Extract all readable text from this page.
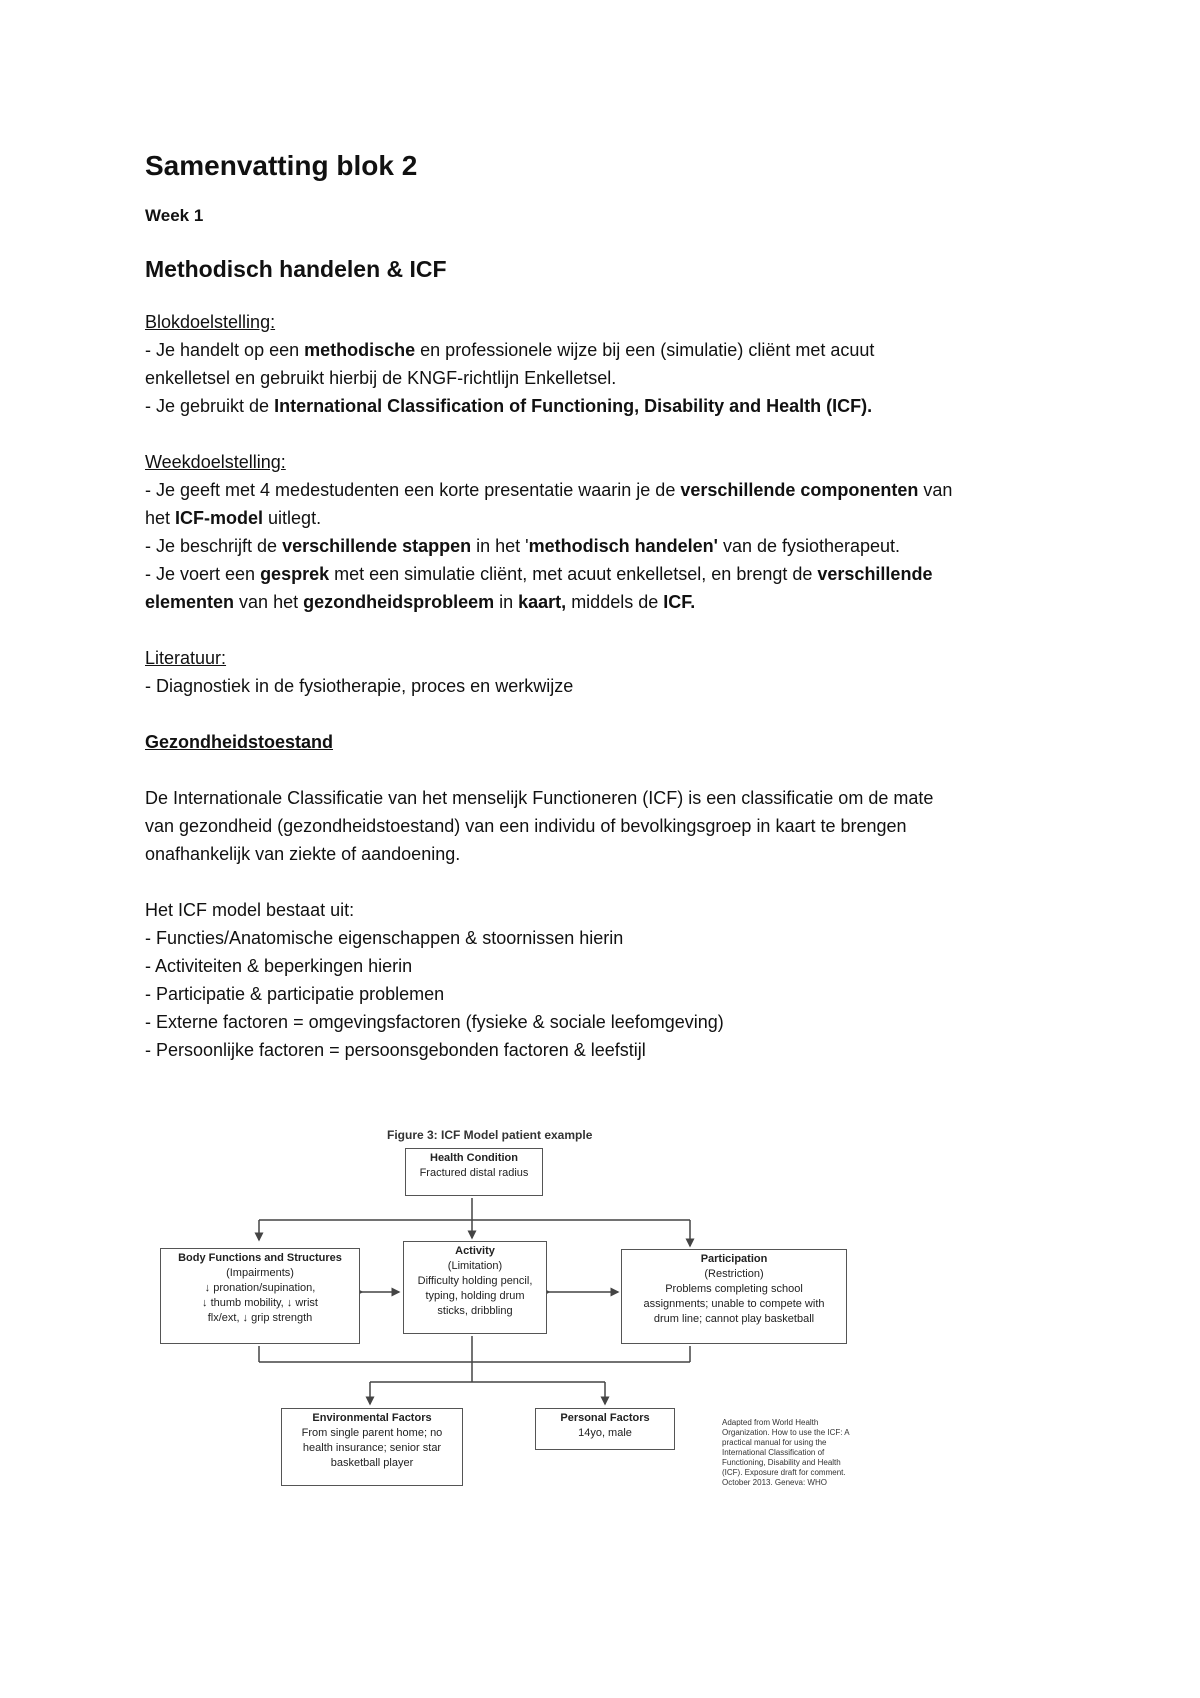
Samenvatting blok 2
Week 1
Methodisch handelen & ICF

Blokdoelstelling:

- Je handelt op een methodische en professionele wijze bij een (simulatie) cliënt met acuut

enkelletsel en gebruikt hierbij de KNGF-richtlijn Enkelletsel.

- Je gebruikt de International Classification of Functioning, Disability and Health (ICF).

Weekdoelstelling:

- Je geeft met 4 medestudenten een korte presentatie waarin je de verschillende componenten van

het ICF-model uitlegt.

- Je beschrijft de verschillende stappen in het 'methodisch handelen' van de fysiotherapeut.

- Je voert een gesprek met een simulatie cliënt, met acuut enkelletsel, en brengt de verschillende

elementen van het gezondheidsprobleem in kaart, middels de ICF.

Literatuur:

- Diagnostiek in de fysiotherapie, proces en werkwijze

Gezondheidstoestand

De Internationale Classificatie van het menselijk Functioneren (ICF) is een classificatie om de mate

van gezondheid (gezondheidstoestand) van een individu of bevolkingsgroep in kaart te brengen

onafhankelijk van ziekte of aandoening.

Het ICF model bestaat uit:

- Functies/Anatomische eigenschappen & stoornissen hierin

- Activiteiten & beperkingen hierin

- Participatie & participatie problemen

- Externe factoren = omgevingsfactoren (fysieke & sociale leefomgeving)

- Persoonlijke factoren = persoonsgebonden factoren & leefstijl

Figure 3: ICF Model patient example
Health Condition
Fractured distal radius
Body Functions and Structures
(Impairments)
↓ pronation/supination,
↓ thumb mobility, ↓ wrist
flx/ext, ↓ grip strength
Activity
(Limitation)
Difficulty holding pencil,
typing, holding drum
sticks, dribbling
Participation
(Restriction)
Problems completing school
assignments; unable to compete with
drum line; cannot play basketball
Environmental Factors
From single parent home; no
health insurance; senior star
basketball player
Personal Factors
14yo, male
Adapted from World Health Organization. How to use the ICF: A practical manual for using the International Classification of Functioning, Disability and Health (ICF). Exposure draft for comment. October 2013. Geneva: WHO
